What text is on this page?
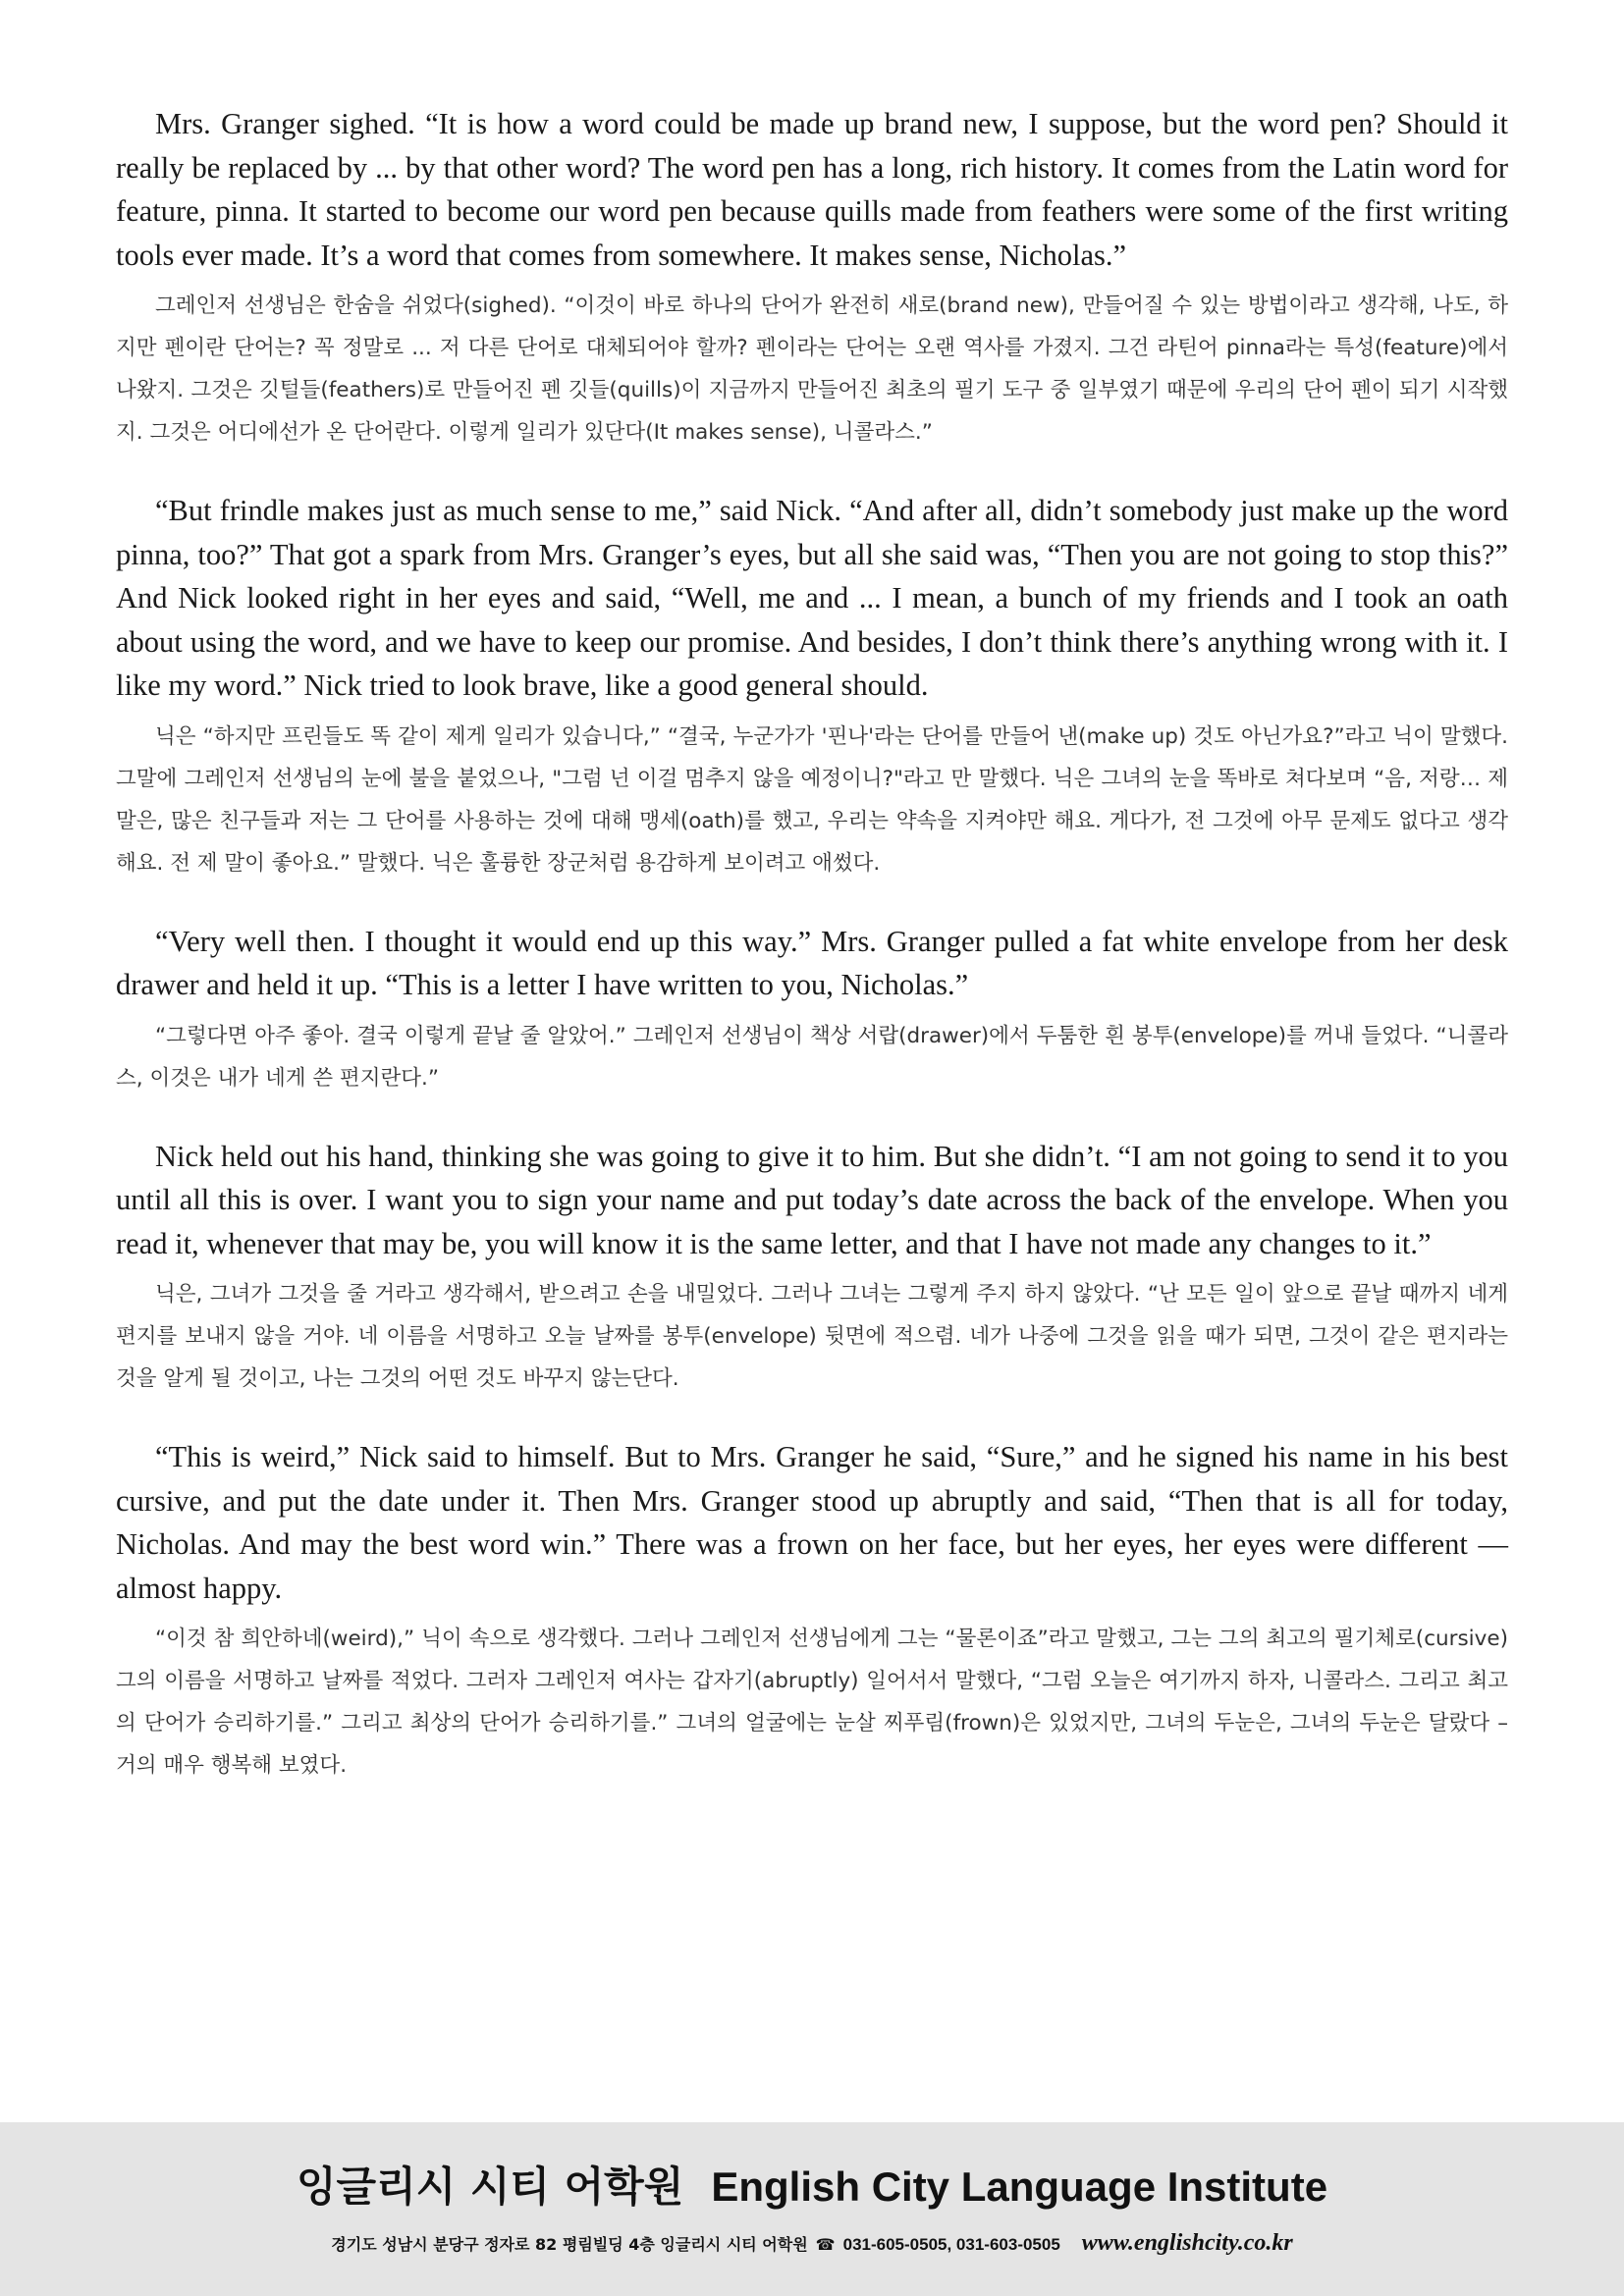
Mrs. Granger sighed. “It is how a word could be made up brand new, I suppose, but the word pen? Should it really be replaced by ... by that other word? The word pen has a long, rich history. It comes from the Latin word for feature, pinna. It started to become our word pen because quills made from feathers were some of the first writing tools ever made. It’s a word that comes from somewhere. It makes sense, Nicholas.”

그레인저 선생님은 한숨을 쉬었다(sighed). “이것이 바로 하나의 단어가 완전히 새로(brand new), 만들어질 수 있는 방법이라고 생각해, 나도, 하지만 펜이란 단어는? 꼭 정말로 ... 저 다른 단어로 대체되어야 할까? 펜이라는 단어는 오랜 역사를 가졌지. 그건 라틴어 pinna라는 특성(feature)에서 나왔지. 그것은 깃털들(feathers)로 만들어진 펜 깃들(quills)이 지금까지 만들어진 최초의 필기 도구 중 일부였기 때문에 우리의 단어 펜이 되기 시작했지. 그것은 어디에선가 온 단어란다. 이렇게 일리가 있단다(It makes sense), 니콜라스.”

“But frindle makes just as much sense to me,” said Nick. “And after all, didn’t somebody just make up the word pinna, too?” That got a spark from Mrs. Granger’s eyes, but all she said was, “Then you are not going to stop this?” And Nick looked right in her eyes and said, “Well, me and ... I mean, a bunch of my friends and I took an oath about using the word, and we have to keep our promise. And besides, I don’t think there’s anything wrong with it. I like my word.” Nick tried to look brave, like a good general should.

닉은 “하지만 프린들도 똑 같이 제게 일리가 있습니다,” “결국, 누군가가 '핀나'라는 단어를 만들어 낸(make up) 것도 아닌가요?”라고 닉이 말했다. 그말에 그레인저 선생님의 눈에 불을 붙었으나, "그럼 넌 이걸 멈추지 않을 예정이니?"라고 만 말했다. 닉은 그녀의 눈을 똑바로 쳐다보며 “음, 저랑… 제 말은, 많은 친구들과 저는 그 단어를 사용하는 것에 대해 맹세(oath)를 했고, 우리는 약속을 지켜야만 해요. 게다가, 전 그것에 아무 문제도 없다고 생각해요. 전 제 말이 좋아요.” 말했다. 닉은 훌륭한 장군처럼 용감하게 보이려고 애썼다.

“Very well then. I thought it would end up this way.” Mrs. Granger pulled a fat white envelope from her desk drawer and held it up. “This is a letter I have written to you, Nicholas.”

“그렇다면 아주 좋아. 결국 이렇게 끝날 줄 알았어.” 그레인저 선생님이 책상 서랍(drawer)에서 두툼한 흰 봉투(envelope)를 꺼내 들었다. “니콜라스, 이것은 내가 네게 쓴 편지란다.”

Nick held out his hand, thinking she was going to give it to him. But she didn’t. “I am not going to send it to you until all this is over. I want you to sign your name and put today’s date across the back of the envelope. When you read it, whenever that may be, you will know it is the same letter, and that I have not made any changes to it.”

닉은, 그녀가 그것을 줄 거라고 생각해서, 받으려고 손을 내밀었다. 그러나 그녀는 그렇게 주지 하지 않았다. “난 모든 일이 앞으로 끝날 때까지 네게 편지를 보내지 않을 거야. 네 이름을 서명하고 오늘 날짜를 봉투(envelope) 뒷면에 적으렴. 네가 나중에 그것을 읽을 때가 되면, 그것이 같은 편지라는 것을 알게 될 것이고, 나는 그것의 어떤 것도 바꾸지 않는단다.

“This is weird,” Nick said to himself. But to Mrs. Granger he said, “Sure,” and he signed his name in his best cursive, and put the date under it. Then Mrs. Granger stood up abruptly and said, “Then that is all for today, Nicholas. And may the best word win.” There was a frown on her face, but her eyes, her eyes were different — almost happy.

“이것 참 희안하네(weird),” 닉이 속으로 생각했다. 그러나 그레인저 선생님에게 그는 “물론이죠”라고 말했고, 그는 그의 최고의 필기체로(cursive) 그의 이름을 서명하고 날짜를 적었다. 그러자 그레인저 여사는 갑자기(abruptly) 일어서서 말했다, “그럼 오늘은 여기까지 하자, 니콜라스. 그리고 최고의 단어가 승리하기를.” 그리고 최상의 단어가 승리하기를.” 그녀의 얼굴에는 눈살 찌푸림(frown)은 있었지만, 그녀의 두눈은, 그녀의 두눈은 달랐다 – 거의 매우 행복해 보였다.

잉글리시 시티 어학원 English City Language Institute
경기도 성남시 분당구 정자로 82 평림빌딩 4층 잉글리시 시티 어학원 ☎ 031-605-0505, 031-603-0505 www.englishcity.co.kr
